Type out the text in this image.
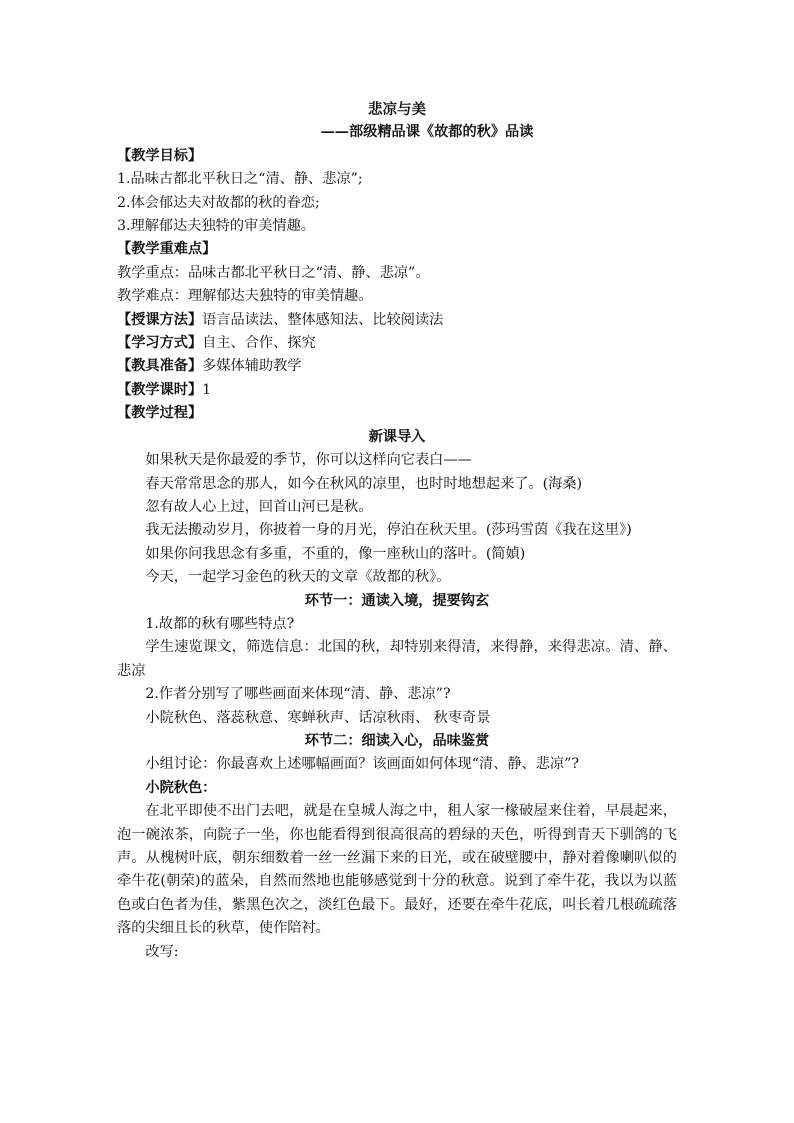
悲凉与美
——部级精品课《故都的秋》品读
【教学目标】
1.品味古都北平秋日之“清、静、悲凉”;
2.体会郁达夫对故都的秋的眷恋;
3.理解郁达夫独特的审美情趣。
【教学重难点】
教学重点：品味古都北平秋日之“清、静、悲凉”。
教学难点：理解郁达夫独特的审美情趣。
【授课方法】语言品读法、整体感知法、比较阅读法
【学习方式】自主、合作、探究
【教具准备】多媒体辅助教学
【教学课时】1
【教学过程】
新课导入
如果秋天是你最爱的季节，你可以这样向它表白——
春天常常思念的那人，如今在秋风的凉里，也时时地想起来了。(海桑)
忽有故人心上过，回首山河已是秋。
我无法搬动岁月，你披着一身的月光，停泊在秋天里。(莎玛雪茵《我在这里》)
如果你问我思念有多重，不重的，像一座秋山的落叶。(简媜)
今天，一起学习金色的秋天的文章《故都的秋》。
环节一：通读入境，提要钩玄
1.故都的秋有哪些特点?
学生速览课文，筛选信息：北国的秋，却特别来得清，来得静，来得悲凉。清、静、悲凉
2.作者分别写了哪些画面来体现“清、静、悲凉”?
小院秋色、落蕊秋意、寒蝉秋声、话凉秋雨、 秋枣奇景
环节二：细读入心，品味鉴赏
小组讨论：你最喜欢上述哪幅画面？该画面如何体现“清、静、悲凉”?
小院秋色：
在北平即使不出门去吧，就是在皇城人海之中，租人家一椽破屋来住着，早晨起来，泡一碗浓茶，向院子一坐，你也能看得到很高很高的碧绿的天色，听得到青天下驯鸽的飞声。从槐树叶底，朝东细数着一丝一丝漏下来的日光，或在破壁腰中，静对着像喇叭似的牵牛花(朝荣)的蓝朵，自然而然地也能够感觉到十分的秋意。说到了牵牛花，我以为以蓝色或白色者为佳，紫黑色次之，淡红色最下。最好，还要在牵牛花底，叫长着几根疏疏落落的尖细且长的秋草，使作陪衬。
改写:
